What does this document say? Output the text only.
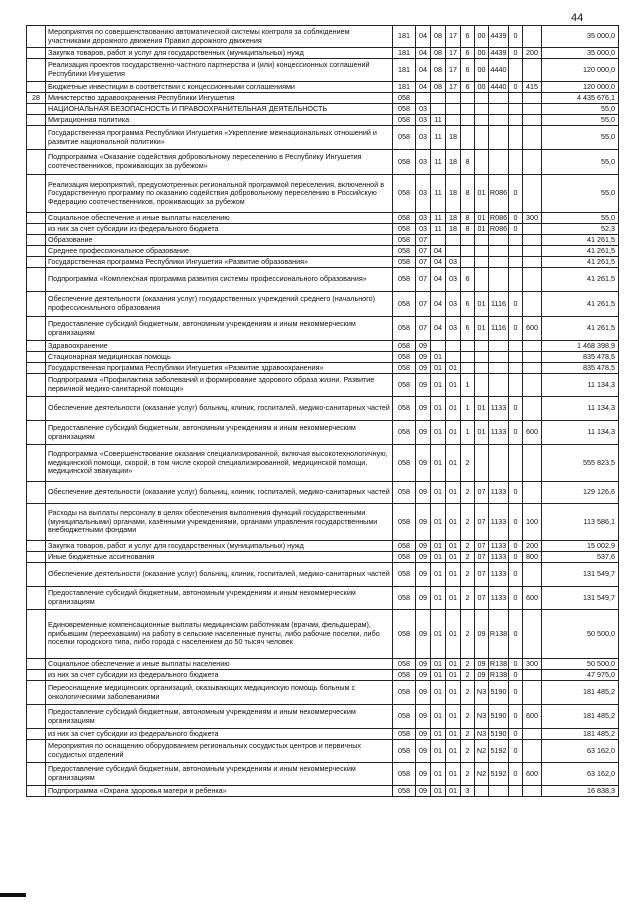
44
	Мероприятия по совершенствованию автоматической системы контроля за соблюдением участниками дорожного движения Правил дорожного движения	181	04	08	17	6	00	4439	0		35 000,0
	Закупка товаров, работ и услуг для государственных (муниципальных) нужд	181	04	08	17	6	00	4439	0	200	35 000,0
	Реализация проектов государственно-частного партнерства и (или) концессионных соглашений Республики Ингушетия	181	04	08	17	6	00	4440			120 000,0
	Бюджетные инвестиции в соответствии с концессионными соглашениями	181	04	08	17	6	00	4440	0	415	120 000,0
28	Министерство здравоохранения Республики Ингушетия	058									4 435 676,1
	НАЦИОНАЛЬНАЯ БЕЗОПАСНОСТЬ И ПРАВООХРАНИТЕЛЬНАЯ ДЕЯТЕЛЬНОСТЬ	058	03								55,0
	Миграционная политика	058	03	11							55,0
	Государственная программа Республики Ингушетия «Укрепление межнациональных отношений и развитие национальной политики»	058	03	11	18						55,0
	Подпрограмма «Оказание содействия добровольному переселению в Республику Ингушетия соотечественников, проживающих за рубежом»	058	03	11	18	8					55,0
	Реализация мероприятий, предусмотренных региональной программой переселения, включенной в Государственную программу по оказанию содействия добровольному переселению в Российскую Федерацию соотечественников, проживающих за рубежом	058	03	11	18	8	01	R086	0		55,0
	Социальное обеспечение и иные выплаты населению	058	03	11	18	8	01	R086	0	300	55,0
	из них за счет субсидии из федерального бюджета	058	03	11	18	8	01	R086	0		52,3
	Образование	058	07								41 261,5
	Среднее профессиональное образование	058	07	04							41 261,5
	Государственная программа Республики Ингушетия «Развитие образования»	058	07	04	03						41 261,5
	Подпрограмма «Комплексная программа развития системы профессионального образования»	058	07	04	03	6					41 261,5
	Обеспечение деятельности (оказания услуг) государственных учреждений среднего (начального) профессионального образования	058	07	04	03	6	01	1116	0		41 261,5
	Предоставление субсидий бюджетным, автономным учреждениям и иным некоммерческим организациям	058	07	04	03	6	01	1116	0	600	41 261,5
	Здравоохранение	058	09								1 468 398,9
	Стационарная медицинская помощь	058	09	01							835 478,5
	Государственная программа Республики Ингушетия «Развитие здравоохранения»	058	09	01	01						835 478,5
	Подпрограмма «Профилактика заболеваний и формирование здорового образа жизни. Развитие первичной медико-санитарной помощи»	058	09	01	01	1					11 134,3
	Обеспечение деятельности (оказание услуг) больниц, клиник, госпиталей, медико-санитарных частей	058	09	01	01	1	01	1133	0		11 134,3
	Предоставление субсидий бюджетным, автономным учреждениям и иным некоммерческим организациям	058	09	01	01	1	01	1133	0	600	11 134,3
	Подпрограмма «Совершенствование оказания специализированной, включая высокотехнологичную, медицинской помощи, скорой, в том числе скорой специализированной, медицинской помощи, медицинской эвакуации»	058	09	01	01	2					555 823,5
	Обеспечение деятельности (оказание услуг) больниц, клиник, госпиталей, медико-санитарных частей	058	09	01	01	2	07	1133	0		129 126,6
	Расходы на выплаты персоналу в целях обеспечения выполнения функций государственными (муниципальными) органами, казёнными учреждениями, органами управления государственными внебюджетными фондами	058	09	01	01	2	07	1133	0	100	113 586,1
	Закупка товаров, работ и услуг для государственных (муниципальных) нужд	058	09	01	01	2	07	1133	0	200	15 002,9
	Иные бюджетные ассигнования	058	09	01	01	2	07	1133	0	800	537,6
	Обеспечение деятельности (оказание услуг) больниц, клиник, госпиталей, медико-санитарных частей	058	09	01	01	2	07	1133	0		131 549,7
	Предоставление субсидий бюджетным, автономным учреждениям и иным некоммерческим организациям	058	09	01	01	2	07	1133	0	600	131 549,7
	Единовременные компенсационные выплаты медицинским работникам (врачам, фельдшерам), прибывшим (переехавшим) на работу в сельские населенные пункты, либо рабочие поселки, либо поселки городского типа, либо города с населением до 50 тысяч человек	058	09	01	01	2	09	R138	0		50 500,0
	Социальное обеспечение и иные выплаты населению	058	09	01	01	2	09	R138	0	300	50 500,0
	из них за счет субсидии из федерального бюджета	058	09	01	01	2	09	R138	0		47 975,0
	Переоснащение медицинских организаций, оказывающих медицинскую помощь больным с онкологическими заболеваниями	058	09	01	01	2	N3	5190	0		181 485,2
	Предоставление субсидий бюджетным, автономным учреждениям и иным некоммерческим организациям	058	09	01	01	2	N3	5190	0	600	181 485,2
	из них за счет субсидии из федерального бюджета	058	09	01	01	2	N3	5190	0		181 485,2
	Мероприятия по оснащению оборудованием региональных сосудистых центров и первичных сосудистых отделений	058	09	01	01	2	N2	5192	0		63 162,0
	Предоставление субсидий бюджетным, автономным учреждениям и иным некоммерческим организациям	058	09	01	01	2	N2	5192	0	600	63 162,0
	Подпрограмма «Охрана здоровья матери и ребенка»	058	09	01	01	3					16 838,3
